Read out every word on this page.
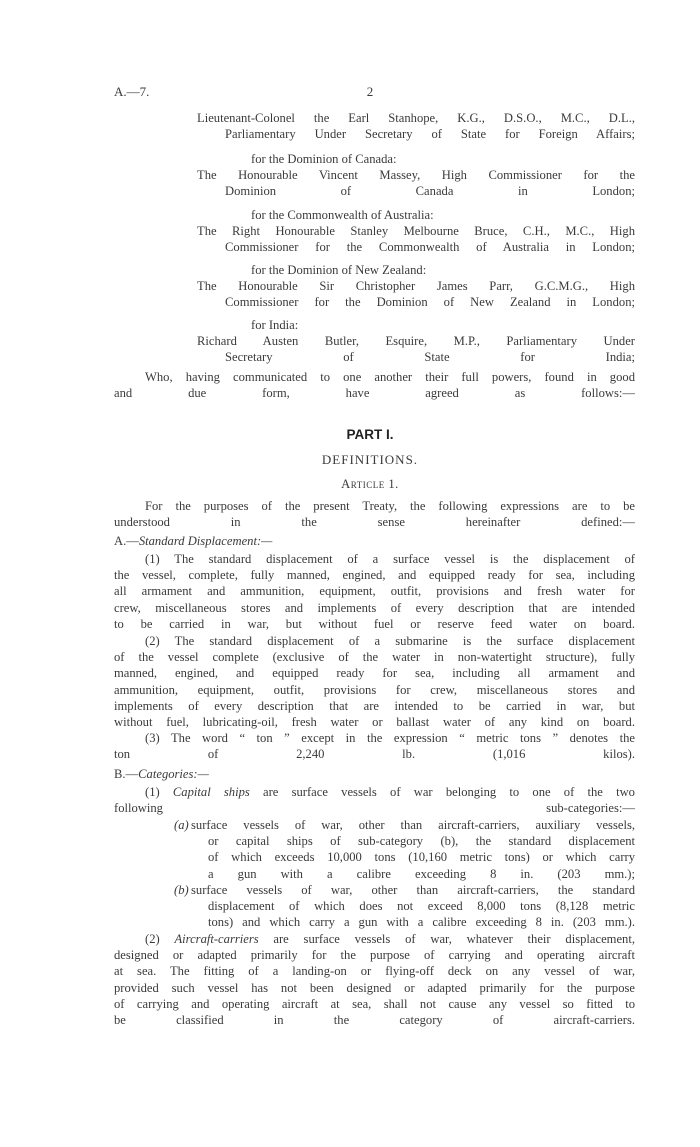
A.—7.	2
Lieutenant-Colonel the Earl Stanhope, K.G., D.S.O., M.C., D.L.,
Parliamentary Under Secretary of State for Foreign Affairs;
for the Dominion of Canada:
The Honourable Vincent Massey, High Commissioner for the
Dominion of Canada in London;
for the Commonwealth of Australia:
The Right Honourable Stanley Melbourne Bruce, C.H., M.C., High
Commissioner for the Commonwealth of Australia in London;
for the Dominion of New Zealand:
The Honourable Sir Christopher James Parr, G.C.M.G., High
Commissioner for the Dominion of New Zealand in London;
for India:
Richard Austen Butler, Esquire, M.P., Parliamentary Under
Secretary of State for India;
Who, having communicated to one another their full powers, found in good
and due form, have agreed as follows:—
PART I.
DEFINITIONS.
Article 1.
For the purposes of the present Treaty, the following expressions are to be
understood in the sense hereinafter defined:—
A.—Standard Displacement:—
(1) The standard displacement of a surface vessel is the displacement of
the vessel, complete, fully manned, engined, and equipped ready for sea, including
all armament and ammunition, equipment, outfit, provisions and fresh water for
crew, miscellaneous stores and implements of every description that are intended
to be carried in war, but without fuel or reserve feed water on board.
(2) The standard displacement of a submarine is the surface displacement
of the vessel complete (exclusive of the water in non-watertight structure), fully
manned, engined, and equipped ready for sea, including all armament and
ammunition, equipment, outfit, provisions for crew, miscellaneous stores and
implements of every description that are intended to be carried in war, but
without fuel, lubricating-oil, fresh water or ballast water of any kind on board.
(3) The word “ ton ” except in the expression “ metric tons ” denotes the
ton of 2,240 lb. (1,016 kilos).
B.—Categories:—
(1) Capital ships are surface vessels of war belonging to one of the two
following sub-categories:—
(a) surface vessels of war, other than aircraft-carriers, auxiliary vessels,
or capital ships of sub-category (b), the standard displacement
of which exceeds 10,000 tons (10,160 metric tons) or which carry
a gun with a calibre exceeding 8 in. (203 mm.);
(b) surface vessels of war, other than aircraft-carriers, the standard
displacement of which does not exceed 8,000 tons (8,128 metric
tons) and which carry a gun with a calibre exceeding 8 in. (203 mm.).
(2) Aircraft-carriers are surface vessels of war, whatever their displacement,
designed or adapted primarily for the purpose of carrying and operating aircraft
at sea. The fitting of a landing-on or flying-off deck on any vessel of war,
provided such vessel has not been designed or adapted primarily for the purpose
of carrying and operating aircraft at sea, shall not cause any vessel so fitted to
be classified in the category of aircraft-carriers.
